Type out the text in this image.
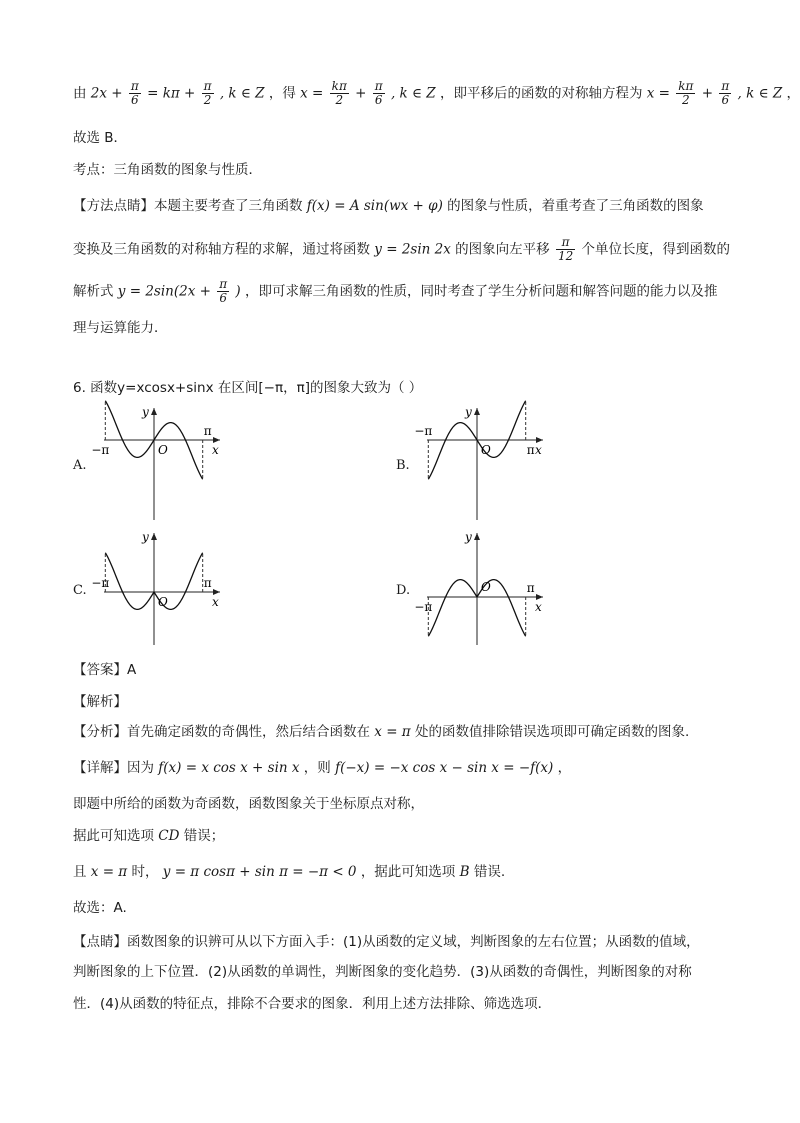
由 $2x + \frac{\pi}{6} = k\pi + \frac{\pi}{2}$ , k ∈ Z ，得 $x = \frac{k\pi}{2} + \frac{\pi}{6}$ , k ∈ Z ，即平移后的函数的对称轴方程为 $x = \frac{k\pi}{2} + \frac{\pi}{6}$ , k ∈ Z ，
故选 B．
考点：三角函数的图象与性质．
【方法点睛】本题主要考查了三角函数 f(x) = A sin(wx + φ) 的图象与性质，着重考查了三角函数的图象
变换及三角函数的对称轴方程的求解，通过将函数 y = 2sin 2x 的图象向左平移 $\frac{\pi}{12}$ 个单位长度，得到函数的
解析式 $y = 2\sin(2x + \frac{\pi}{6}$ ) ，即可求解三角函数的性质，同时考查了学生分析问题和解答问题的能力以及推
理与运算能力．
6. 函数y=xcosx+sinx 在区间[−π，π]的图象大致为（ ）
A.	B.
C.	D.
y
x
O
π
−π
y
x
O	π
−π
y
x
O
π
−π
y
x
O	π
−π
【答案】A
【解析】
【分析】首先确定函数的奇偶性，然后结合函数在 x = π 处的函数值排除错误选项即可确定函数的图象.
【详解】因为 f(x) = x cos x + sin x ，则 f(−x) = −x cos x − sin x = −f(x) ，
即题中所给的函数为奇函数，函数图象关于坐标原点对称，
据此可知选项 CD 错误；
且 x = π 时， y = π cosπ + sin π = −π < 0 ，据此可知选项 B 错误.
故选：A.
【点睛】函数图象的识辨可从以下方面入手：(1)从函数的定义域，判断图象的左右位置；从函数的值域，
判断图象的上下位置．(2)从函数的单调性，判断图象的变化趋势．(3)从函数的奇偶性，判断图象的对称
性．(4)从函数的特征点，排除不合要求的图象．利用上述方法排除、筛选选项．
